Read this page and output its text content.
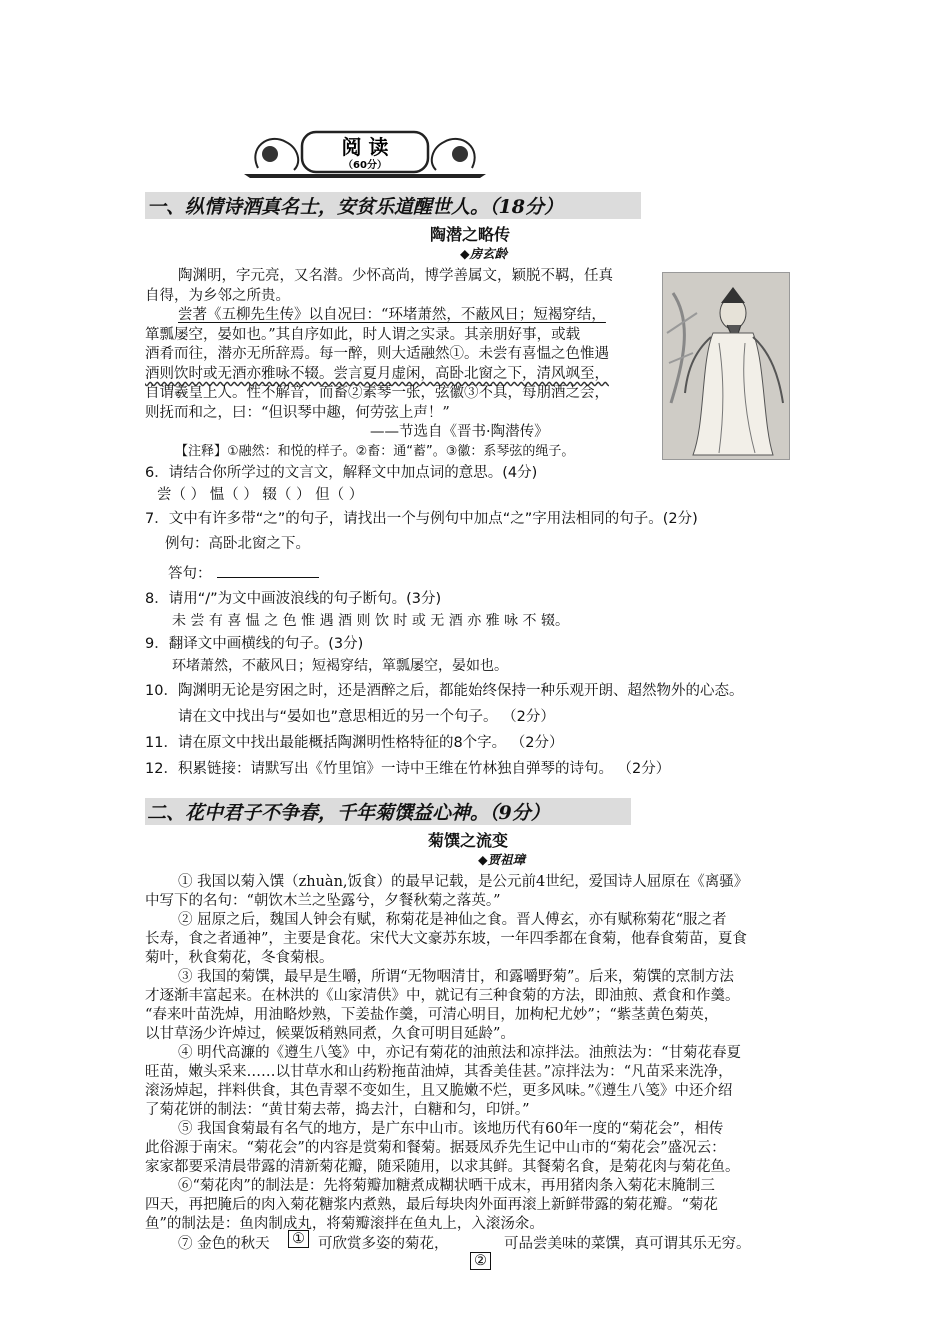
阅 读
（60分）
一、纵情诗酒真名士，安贫乐道醒世人。（18分）
陶潜之略传
◆房玄龄
陶渊明，字元亮，又名潜。少怀高尚，博学善属文，颖脱不羁，任真
自得，为乡邻之所贵。
尝著《五柳先生传》以自况曰：“环堵萧然，不蔽风日；短褐穿结，
箪瓢屡空，晏如也。”其自序如此，时人谓之实录。其亲朋好事，或载
酒肴而往，潜亦无所辞焉。每一醉，则大适融然①。未尝有喜愠之色惟遇
酒则饮时或无酒亦雅咏不辍。尝言夏月虚闲，高卧北窗之下，清风飒至，
自谓羲皇上人。性不解音，而畜②素琴一张，弦徽③不具，每朋酒之会，
则抚而和之，曰：“但识琴中趣，何劳弦上声！”
——节选自《晋书·陶潜传》
【注释】①融然：和悦的样子。②畜：通“蓄”。③徽：系琴弦的绳子。
6．请结合你所学过的文言文，解释文中加点词的意思。(4分)
尝（ ） 愠（ ） 辍（ ） 但（ ）
7．文中有许多带“之”的句子，请找出一个与例句中加点“之”字用法相同的句子。(2分)
例句：高卧北窗之下。
答句：
8．请用“/”为文中画波浪线的句子断句。(3分)
未 尝 有 喜 愠 之 色 惟 遇 酒 则 饮 时 或 无 酒 亦 雅 咏 不 辍。
9．翻译文中画横线的句子。(3分)
环堵萧然，不蔽风日；短褐穿结，箪瓢屡空，晏如也。
10．陶渊明无论是穷困之时，还是酒醉之后，都能始终保持一种乐观开朗、超然物外的心态。
请在文中找出与“晏如也”意思相近的另一个句子。 （2分）
11．请在原文中找出最能概括陶渊明性格特征的8个字。 （2分）
12．积累链接：请默写出《竹里馆》一诗中王维在竹林独自弹琴的诗句。 （2分）
二、花中君子不争春，千年菊馔益心神。（9分）
菊馔之流变
◆贾祖璋
① 我国以菊入馔（zhuàn,饭食）的最早记载，是公元前4世纪，爱国诗人屈原在《离骚》
中写下的名句：“朝饮木兰之坠露兮，夕餐秋菊之落英。”
② 屈原之后，魏国人钟会有赋，称菊花是神仙之食。晋人傅玄，亦有赋称菊花“服之者
长寿，食之者通神”，主要是食花。宋代大文豪苏东坡，一年四季都在食菊，他春食菊苗，夏食
菊叶，秋食菊花，冬食菊根。
③ 我国的菊馔，最早是生嚼，所谓“无物咽清甘，和露嚼野菊”。后来，菊馔的烹制方法
才逐渐丰富起来。在林洪的《山家清供》中，就记有三种食菊的方法，即油煎、煮食和作羹。
“春来叶苗洗焯，用油略炒熟，下姜盐作羹，可清心明目，加枸杞尤妙”；“紫茎黄色菊英，
以甘草汤少许焯过，候粟饭稍熟同煮，久食可明目延龄”。
④ 明代高濂的《遵生八笺》中，亦记有菊花的油煎法和凉拌法。油煎法为：“甘菊花春夏
旺苗，嫩头采来……以甘草水和山药粉拖苗油焯，其香美佳甚。”凉拌法为：“凡苗采来洗净，
滚汤焯起，拌料供食，其色青翠不变如生，且又脆嫩不烂，更多风味。”《遵生八笺》中还介绍
了菊花饼的制法：“黄甘菊去蒂，捣去汁，白糖和匀，印饼。”
⑤ 我国食菊最有名气的地方，是广东中山市。该地历代有60年一度的“菊花会”，相传
此俗源于南宋。“菊花会”的内容是赏菊和餐菊。据聂凤乔先生记中山市的“菊花会”盛况云：
家家都要采清晨带露的清新菊花瓣，随采随用，以求其鲜。其餐菊名食，是菊花肉与菊花鱼。
⑥“菊花肉”的制法是：先将菊瓣加糖煮成糊状晒干成末，再用猪肉条入菊花末腌制三
四天，再把腌后的肉入菊花糖浆内煮熟，最后每块肉外面再滚上新鲜带露的菊花瓣。“菊花
鱼”的制法是：鱼肉制成丸，将菊瓣滚拌在鱼丸上，入滚汤氽。
⑦ 金色的秋天 ① 可欣赏多姿的菊花，	可品尝美味的菜馔，真可谓其乐无穷。
②
